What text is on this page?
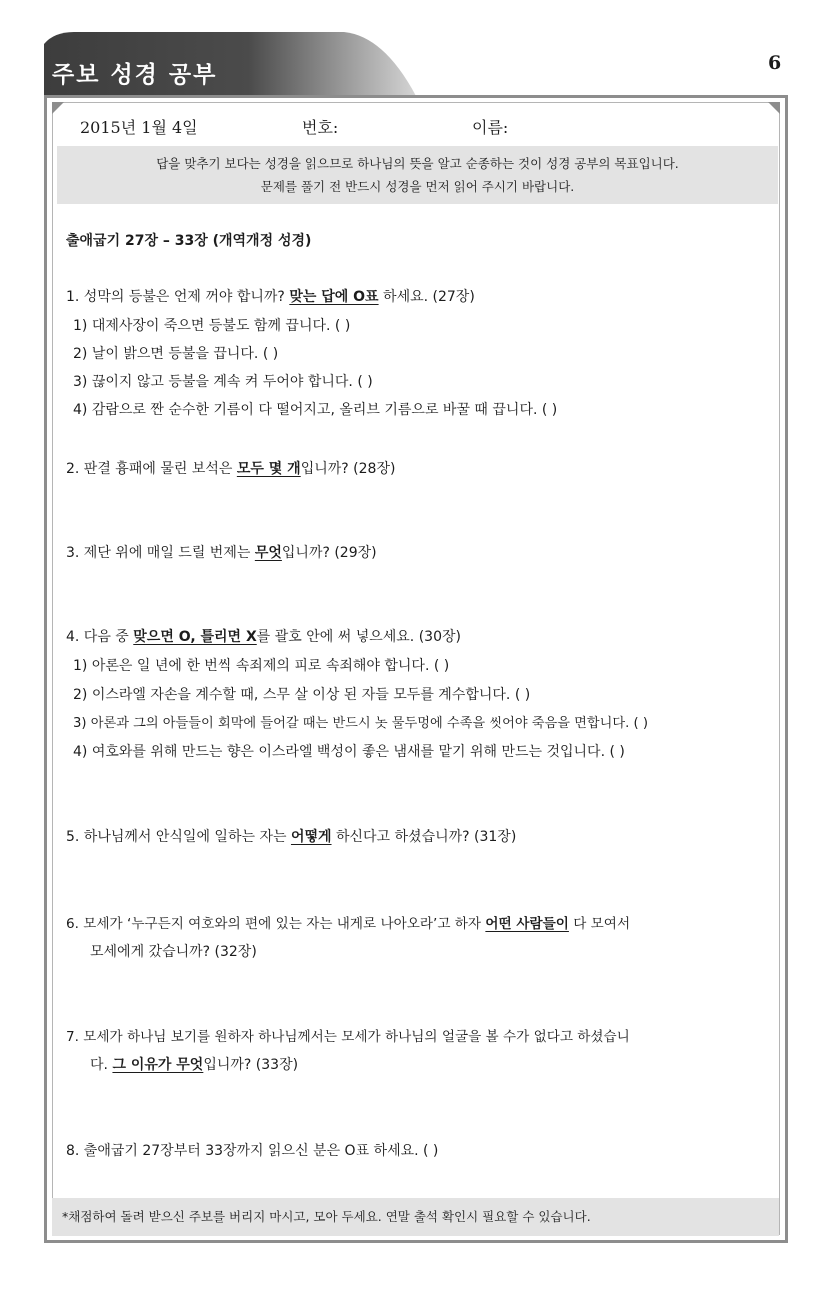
주보 성경 공부	6
2015년 1월 4일	번호:	이름:
답을 맞추기 보다는 성경을 읽으므로 하나님의 뜻을 알고 순종하는 것이 성경 공부의 목표입니다.
문제를 풀기 전 반드시 성경을 먼저 읽어 주시기 바랍니다.
출애굽기 27장 – 33장 (개역개정 성경)
1. 성막의 등불은 언제 꺼야 합니까? 맞는 답에 O표 하세요. (27장)
1) 대제사장이 죽으면 등불도 함께 끕니다. ( )
2) 날이 밝으면 등불을 끕니다. ( )
3) 끊이지 않고 등불을 계속 켜 두어야 합니다. ( )
4) 감람으로 짠 순수한 기름이 다 떨어지고, 올리브 기름으로 바꿀 때 끕니다. ( )
2. 판결 흉패에 물린 보석은 모두 몇 개입니까? (28장)
3. 제단 위에 매일 드릴 번제는 무엇입니까? (29장)
4. 다음 중 맞으면 O, 틀리면 X를 괄호 안에 써 넣으세요. (30장)
1) 아론은 일 년에 한 번씩 속죄제의 피로 속죄해야 합니다. ( )
2) 이스라엘 자손을 계수할 때, 스무 살 이상 된 자들 모두를 계수합니다. ( )
3) 아론과 그의 아들들이 회막에 들어갈 때는 반드시 놋 물두멍에 수족을 씻어야 죽음을 면합니다. ( )
4) 여호와를 위해 만드는 향은 이스라엘 백성이 좋은 냄새를 맡기 위해 만드는 것입니다. ( )
5. 하나님께서 안식일에 일하는 자는 어떻게 하신다고 하셨습니까? (31장)
6. 모세가 ‘누구든지 여호와의 편에 있는 자는 내게로 나아오라’고 하자 어떤 사람들이 다 모여서
모세에게 갔습니까? (32장)
7. 모세가 하나님 보기를 원하자 하나님께서는 모세가 하나님의 얼굴을 볼 수가 없다고 하셨습니
다. 그 이유가 무엇입니까? (33장)
8. 출애굽기 27장부터 33장까지 읽으신 분은 O표 하세요. ( )
*채점하여 돌려 받으신 주보를 버리지 마시고, 모아 두세요. 연말 출석 확인시 필요할 수 있습니다.
